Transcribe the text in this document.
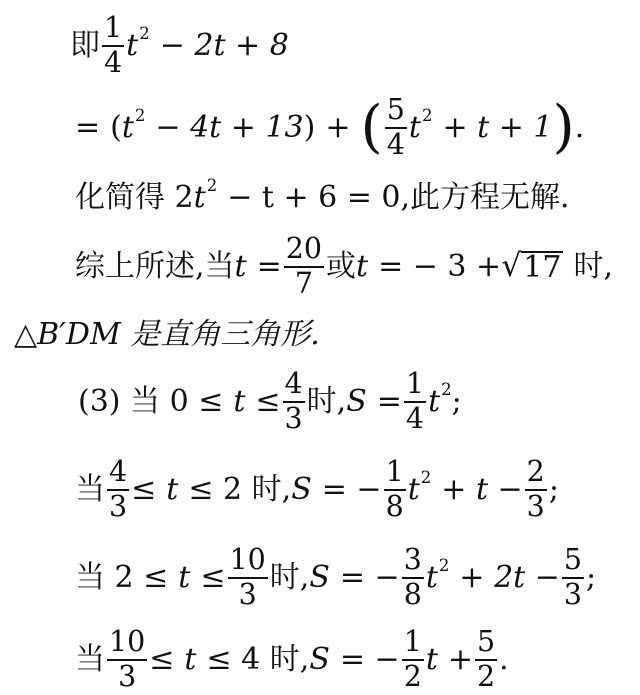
即 $\frac{1}{4}$ t 2 − 2t + 8
= ( t 2 − 4t + 13 ) + ( $\frac{5}{4}$ t 2 + t + 1 ) .
化简得 2 t 2 − t + 6 = 0,此方程无解.
综上所述,当 $t = \frac{20}{7}$ 或 t = − 3 + √ 17 时,
△B′DM 是直角三角形.
(3) 当 $0 \le t \le \frac{4}{3}$ 时, $S = \frac{1}{4}$ t 2 ;
当 $\frac{4}{3} \le t \le 2$ 时, S = − $\frac{1}{8}$ t $2 + t - \frac{2}{3}$ ;
当 $2 \le t \le \frac{10}{3}$ 时, S = − $\frac{3}{8}$ t $2 + 2t - \frac{5}{3}$ ;
当 $\frac{10}{3} \le t \le 4$ 时, S = − $\frac{1}{2}$ $t + \frac{5}{2}$ .
